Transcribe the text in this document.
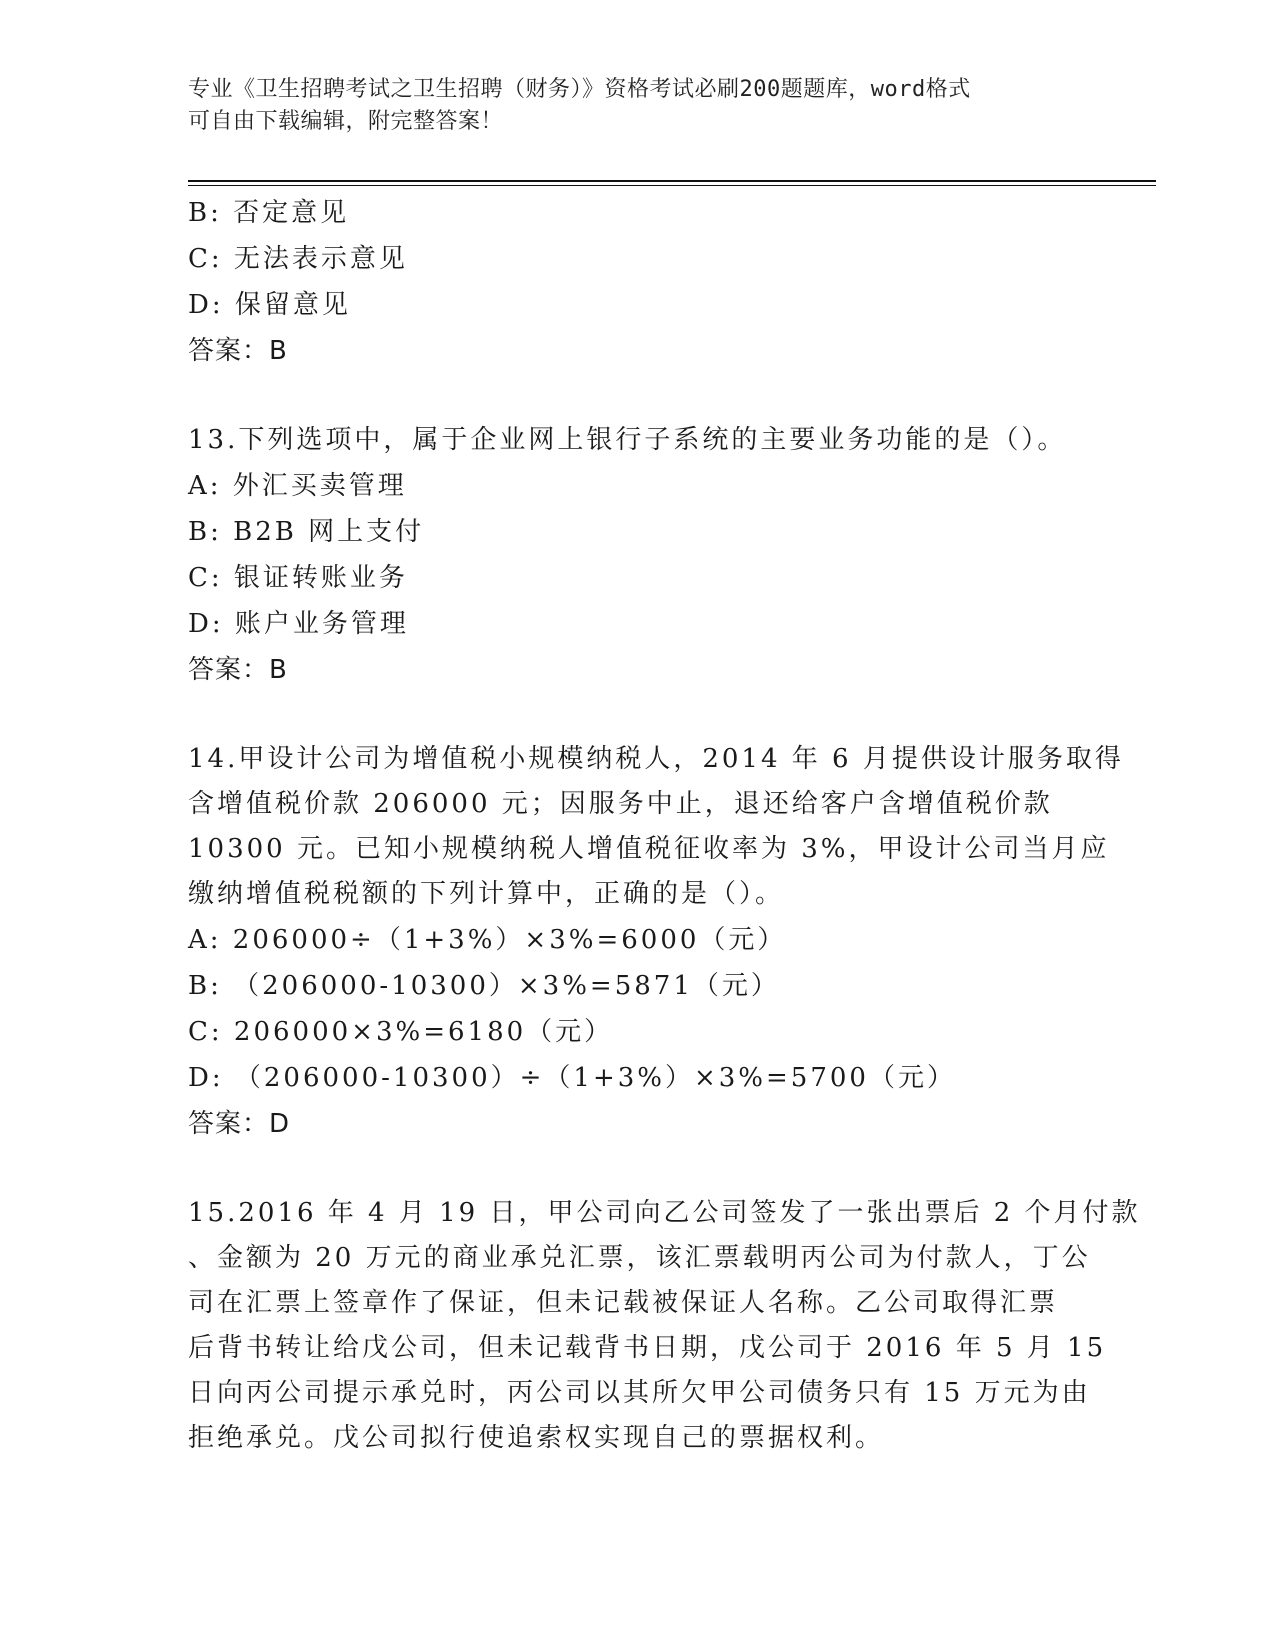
专业《卫生招聘考试之卫生招聘（财务）》资格考试必刷200题题库，word格式
可自由下载编辑，附完整答案！
B: 否定意见
C: 无法表示意见
D: 保留意见
答案：B
13.下列选项中，属于企业网上银行子系统的主要业务功能的是（）。
A: 外汇买卖管理
B: B2B 网上支付
C: 银证转账业务
D: 账户业务管理
答案：B
14.甲设计公司为增值税小规模纳税人，2014 年 6 月提供设计服务取得
含增值税价款 206000 元；因服务中止，退还给客户含增值税价款
10300 元。已知小规模纳税人增值税征收率为 3%，甲设计公司当月应
缴纳增值税税额的下列计算中，正确的是（）。
A: 206000÷（1+3%）×3%=6000（元）
B: （206000-10300）×3%=5871（元）
C: 206000×3%=6180（元）
D: （206000-10300）÷（1+3%）×3%=5700（元）
答案：D
15.2016 年 4 月 19 日，甲公司向乙公司签发了一张出票后 2 个月付款
、金额为 20 万元的商业承兑汇票，该汇票载明丙公司为付款人，丁公
司在汇票上签章作了保证，但未记载被保证人名称。乙公司取得汇票
后背书转让给戊公司，但未记载背书日期，戊公司于 2016 年 5 月 15
日向丙公司提示承兑时，丙公司以其所欠甲公司债务只有 15 万元为由
拒绝承兑。戊公司拟行使追索权实现自己的票据权利。
